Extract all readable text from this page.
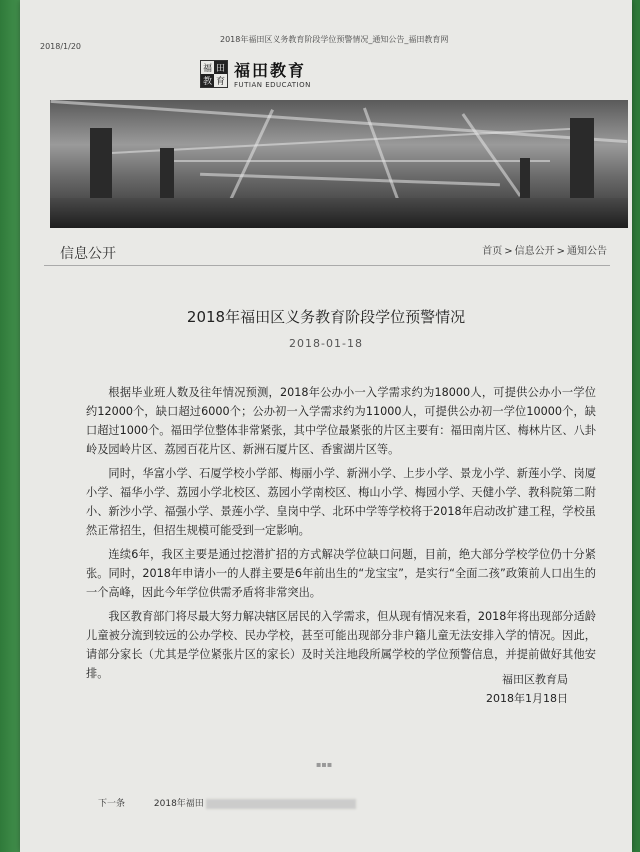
2018年福田区义务教育阶段学位预警情况_通知公告_福田教育网
2018/1/20
福 田
教 育
福田教育
FUTIAN EDUCATION
信息公开	首页 > 信息公开 > 通知公告
2018年福田区义务教育阶段学位预警情况
2018-01-18

根据毕业班人数及往年情况预测，2018年公办小一入学需求约为18000人，可提供公办小一学位约12000个，缺口超过6000个；公办初一入学需求约为11000人，可提供公办初一学位10000个，缺口超过1000个。福田学位整体非常紧张，其中学位最紧张的片区主要有：福田南片区、梅林片区、八卦岭及园岭片区、荔园百花片区、新洲石厦片区、香蜜湖片区等。

同时，华富小学、石厦学校小学部、梅丽小学、新洲小学、上步小学、景龙小学、新莲小学、岗厦小学、福华小学、荔园小学北校区、荔园小学南校区、梅山小学、梅园小学、天健小学、教科院第二附小、新沙小学、福强小学、景莲小学、皇岗中学、北环中学等学校将于2018年启动改扩建工程，学校虽然正常招生，但招生规模可能受到一定影响。

连续6年，我区主要是通过挖潜扩招的方式解决学位缺口问题，目前，绝大部分学校学位仍十分紧张。同时，2018年申请小一的人群主要是6年前出生的“龙宝宝”，是实行“全面二孩”政策前人口出生的一个高峰，因此今年学位供需矛盾将非常突出。

我区教育部门将尽最大努力解决辖区居民的入学需求，但从现有情况来看，2018年将出现部分适龄儿童被分流到较远的公办学校、民办学校，甚至可能出现部分非户籍儿童无法安排入学的情况。因此，请部分家长（尤其是学位紧张片区的家长）及时关注地段所属学校的学位预警信息，并提前做好其他安排。	福田区教育局
2018年1月18日
▪▪▪
下一条	2018年福田
